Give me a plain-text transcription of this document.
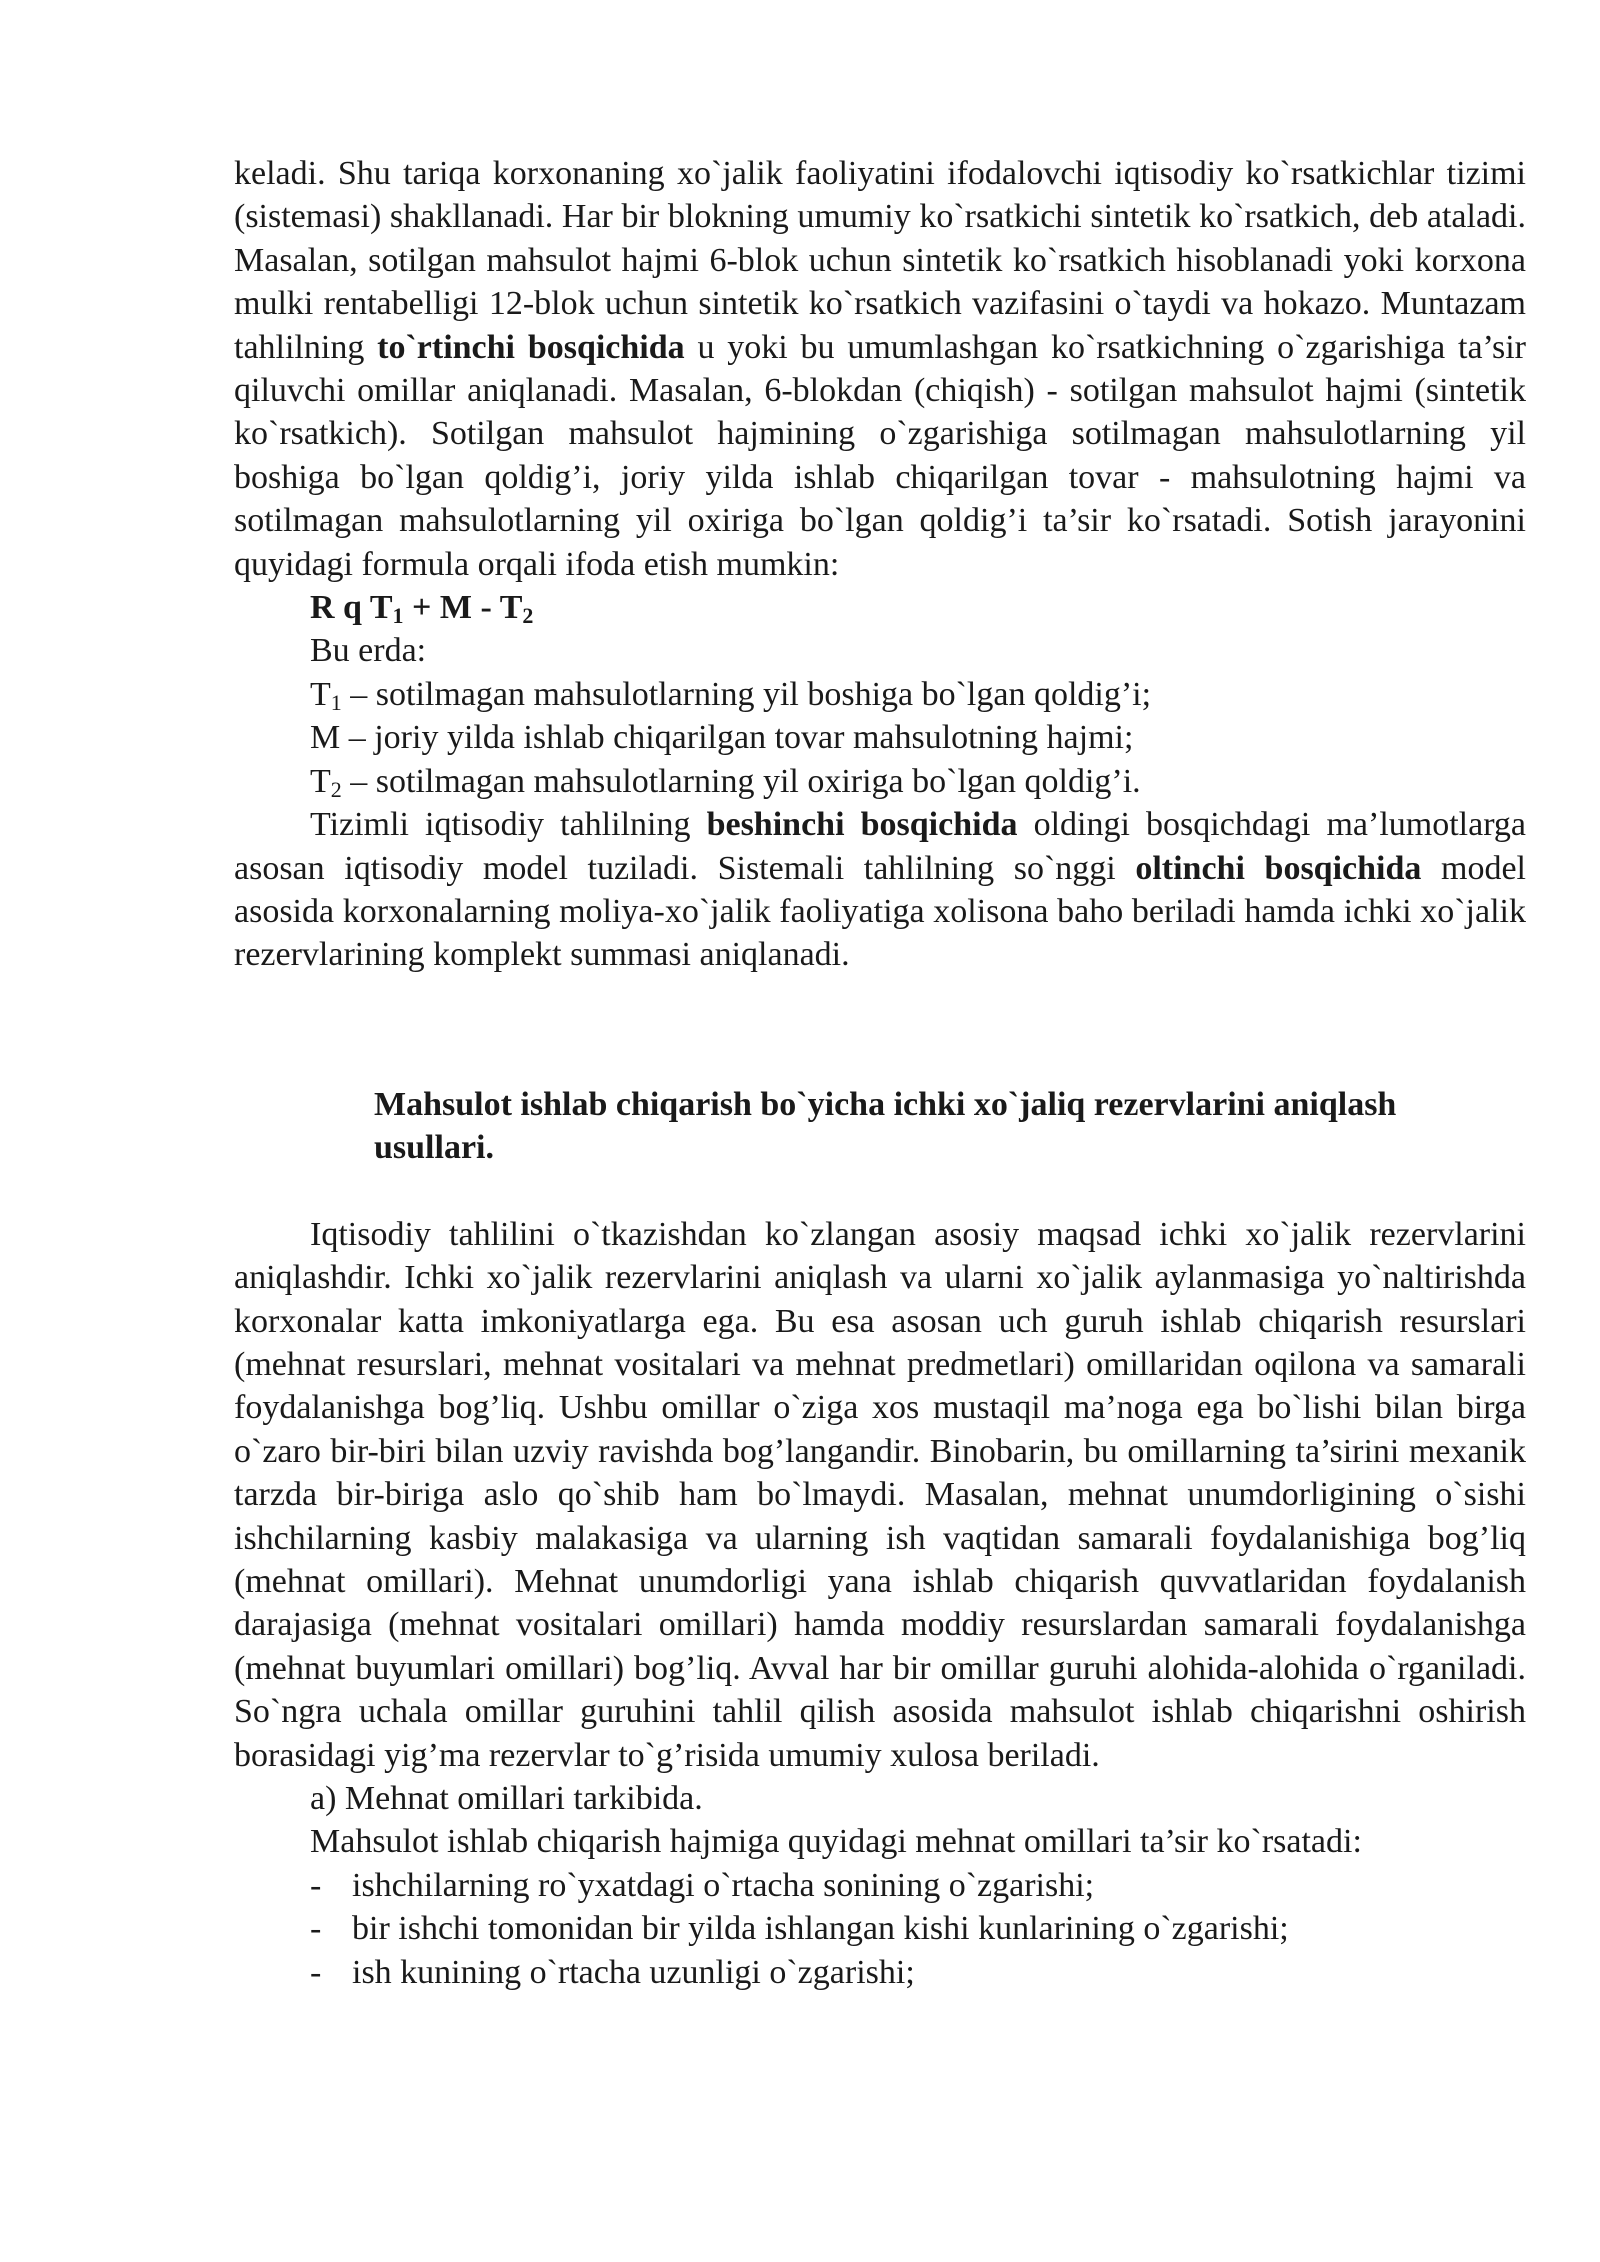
keladi. Shu tariqa korxonaning xo`jalik faoliyatini ifodalovchi iqtisodiy ko`rsatkichlar tizimi (sistemasi) shakllanadi. Har bir blokning umumiy ko`rsatkichi sintetik ko`rsatkich, deb ataladi. Masalan, sotilgan mahsulot hajmi 6-blok uchun sintetik ko`rsatkich hisoblanadi yoki korxona mulki rentabelligi 12-blok uchun sintetik ko`rsatkich vazifasini o`taydi va hokazo. Muntazam tahlilning to`rtinchi bosqichida u yoki bu umumlashgan ko`rsatkichning o`zgarishiga ta’sir qiluvchi omillar aniqlanadi. Masalan, 6-blokdan (chiqish) - sotilgan mahsulot hajmi (sintetik ko`rsatkich). Sotilgan mahsulot hajmining o`zgarishiga sotilmagan mahsulotlarning yil boshiga bo`lgan qoldig’i, joriy yilda ishlab chiqarilgan tovar - mahsulotning hajmi va sotilmagan mahsulotlarning yil oxiriga bo`lgan qoldig’i ta’sir ko`rsatadi. Sotish jarayonini quyidagi formula orqali ifoda etish mumkin:

R q $T_1 + M - T_2$

Bu erda:

$T_1$ – sotilmagan mahsulotlarning yil boshiga bo`lgan qoldig’i;

M – joriy yilda ishlab chiqarilgan tovar mahsulotning hajmi;

$T_2$ – sotilmagan mahsulotlarning yil oxiriga bo`lgan qoldig’i.

Tizimli iqtisodiy tahlilning beshinchi bosqichida oldingi bosqichdagi ma’lumotlarga asosan iqtisodiy model tuziladi. Sistemali tahlilning so`nggi oltinchi bosqichida model asosida korxonalarning moliya-xo`jalik faoliyatiga xolisona baho beriladi hamda ichki xo`jalik rezervlarining komplekt summasi aniqlanadi.

Mahsulot ishlab chiqarish bo`yicha ichki xo`jaliq rezervlarini aniqlash usullari.

Iqtisodiy tahlilini o`tkazishdan ko`zlangan asosiy maqsad ichki xo`jalik rezervlarini aniqlashdir. Ichki xo`jalik rezervlarini aniqlash va ularni xo`jalik aylanmasiga yo`naltirishda korxonalar katta imkoniyatlarga ega. Bu esa asosan uch guruh ishlab chiqarish resurslari (mehnat resurslari, mehnat vositalari va mehnat predmetlari) omillaridan oqilona va samarali foydalanishga bog’liq. Ushbu omillar o`ziga xos mustaqil ma’noga ega bo`lishi bilan birga o`zaro bir-biri bilan uzviy ravishda bog’langandir. Binobarin, bu omillarning ta’sirini mexanik tarzda bir-biriga aslo qo`shib ham bo`lmaydi. Masalan, mehnat unumdorligining o`sishi ishchilarning kasbiy malakasiga va ularning ish vaqtidan samarali foydalanishiga bog’liq (mehnat omillari). Mehnat unumdorligi yana ishlab chiqarish quvvatlaridan foydalanish darajasiga (mehnat vositalari omillari) hamda moddiy resurslardan samarali foydalanishga (mehnat buyumlari omillari) bog’liq. Avval har bir omillar guruhi alohida-alohida o`rganiladi. So`ngra uchala omillar guruhini tahlil qilish asosida mahsulot ishlab chiqarishni oshirish borasidagi yig’ma rezervlar to`g’risida umumiy xulosa beriladi.

a) Mehnat omillari tarkibida.

Mahsulot ishlab chiqarish hajmiga quyidagi mehnat omillari ta’sir ko`rsatadi:

- ishchilarning ro`yxatdagi o`rtacha sonining o`zgarishi;

- bir ishchi tomonidan bir yilda ishlangan kishi kunlarining o`zgarishi;

- ish kunining o`rtacha uzunligi o`zgarishi;
